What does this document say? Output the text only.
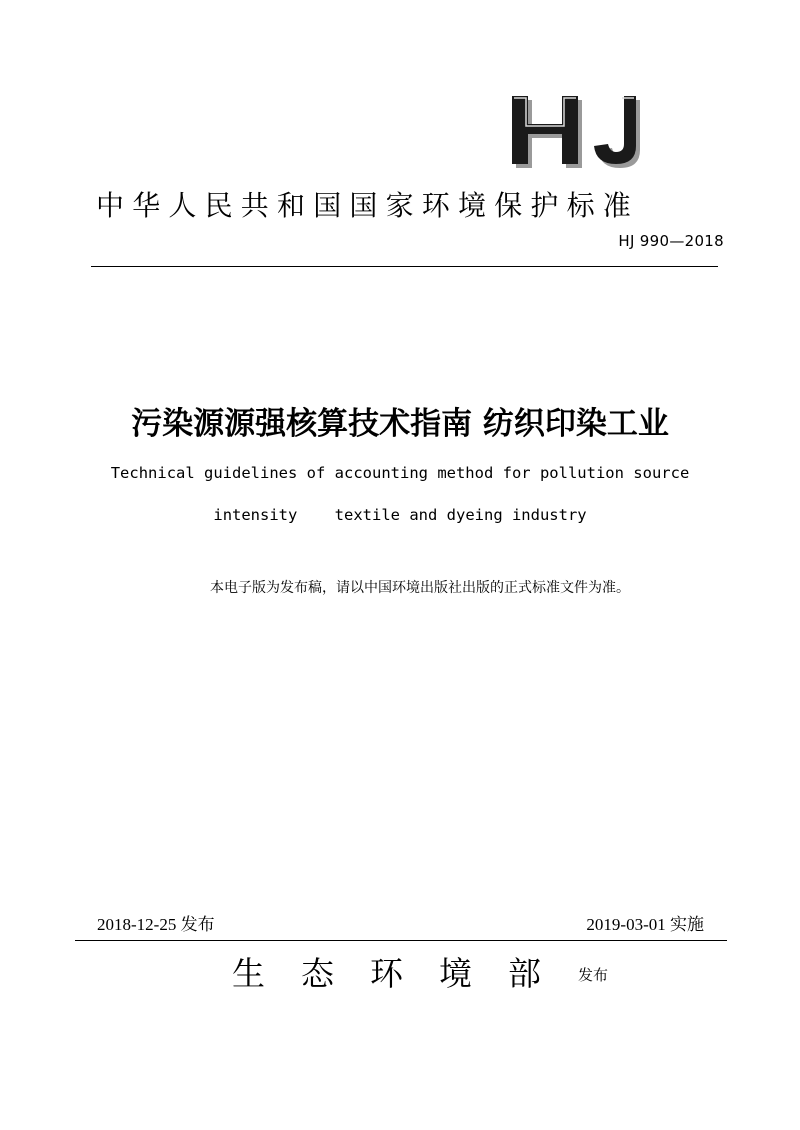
中华人民共和国国家环境保护标准
HJ 990—2018
污染源源强核算技术指南 纺织印染工业
Technical guidelines of accounting method for pollution source
intensity    textile and dyeing industry
本电子版为发布稿，请以中国环境出版社出版的正式标准文件为准。
2018-12-25 发布	2019-03-01 实施
生态环境部 发布
